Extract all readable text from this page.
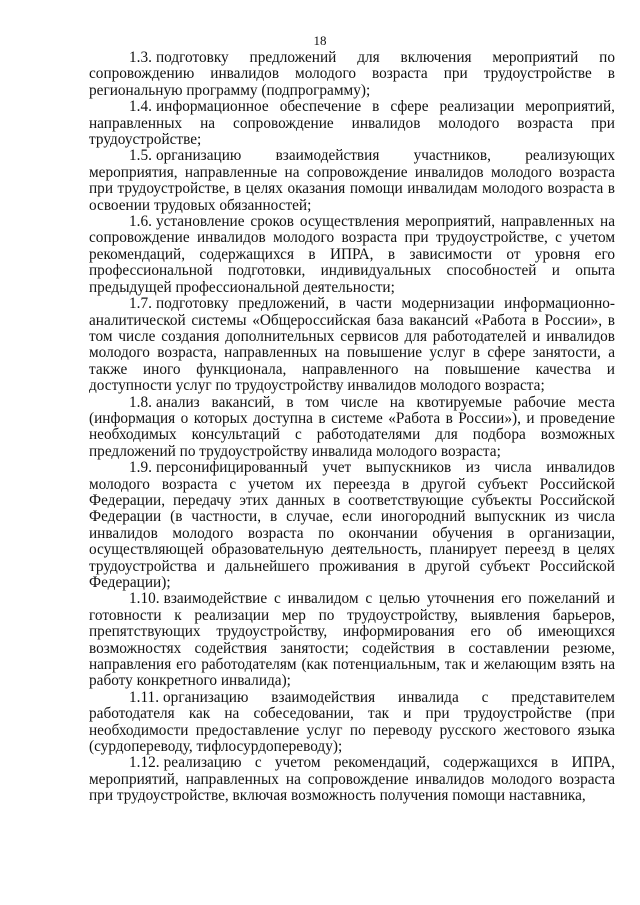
18

1.3. подготовку предложений для включения мероприятий по сопровождению инвалидов молодого возраста при трудоустройстве в региональную программу (подпрограмму);

1.4. информационное обеспечение в сфере реализации мероприятий, направленных на сопровождение инвалидов молодого возраста при трудоустройстве;

1.5. организацию взаимодействия участников, реализующих мероприятия, направленные на сопровождение инвалидов молодого возраста при трудоустройстве, в целях оказания помощи инвалидам молодого возраста в освоении трудовых обязанностей;

1.6. установление сроков осуществления мероприятий, направленных на сопровождение инвалидов молодого возраста при трудоустройстве, с учетом рекомендаций, содержащихся в ИПРА, в зависимости от уровня его профессиональной подготовки, индивидуальных способностей и опыта предыдущей профессиональной деятельности;

1.7. подготовку предложений, в части модернизации информационно-аналитической системы «Общероссийская база вакансий «Работа в России», в том числе создания дополнительных сервисов для работодателей и инвалидов молодого возраста, направленных на повышение услуг в сфере занятости, а также иного функционала, направленного на повышение качества и доступности услуг по трудоустройству инвалидов молодого возраста;

1.8. анализ вакансий, в том числе на квотируемые рабочие места (информация о которых доступна в системе «Работа в России»), и проведение необходимых консультаций с работодателями для подбора возможных предложений по трудоустройству инвалида молодого возраста;

1.9. персонифицированный учет выпускников из числа инвалидов молодого возраста с учетом их переезда в другой субъект Российской Федерации, передачу этих данных в соответствующие субъекты Российской Федерации (в частности, в случае, если иногородний выпускник из числа инвалидов молодого возраста по окончании обучения в организации, осуществляющей образовательную деятельность, планирует переезд в целях трудоустройства и дальнейшего проживания в другой субъект Российской Федерации);

1.10. взаимодействие с инвалидом с целью уточнения его пожеланий и готовности к реализации мер по трудоустройству, выявления барьеров, препятствующих трудоустройству, информирования его об имеющихся возможностях содействия занятости; содействия в составлении резюме, направления его работодателям (как потенциальным, так и желающим взять на работу конкретного инвалида);

1.11. организацию взаимодействия инвалида с представителем работодателя как на собеседовании, так и при трудоустройстве (при необходимости предоставление услуг по переводу русского жестового языка (сурдопереводу, тифлосурдопереводу);

1.12. реализацию с учетом рекомендаций, содержащихся в ИПРА, мероприятий, направленных на сопровождение инвалидов молодого возраста при трудоустройстве, включая возможность получения помощи наставника,
